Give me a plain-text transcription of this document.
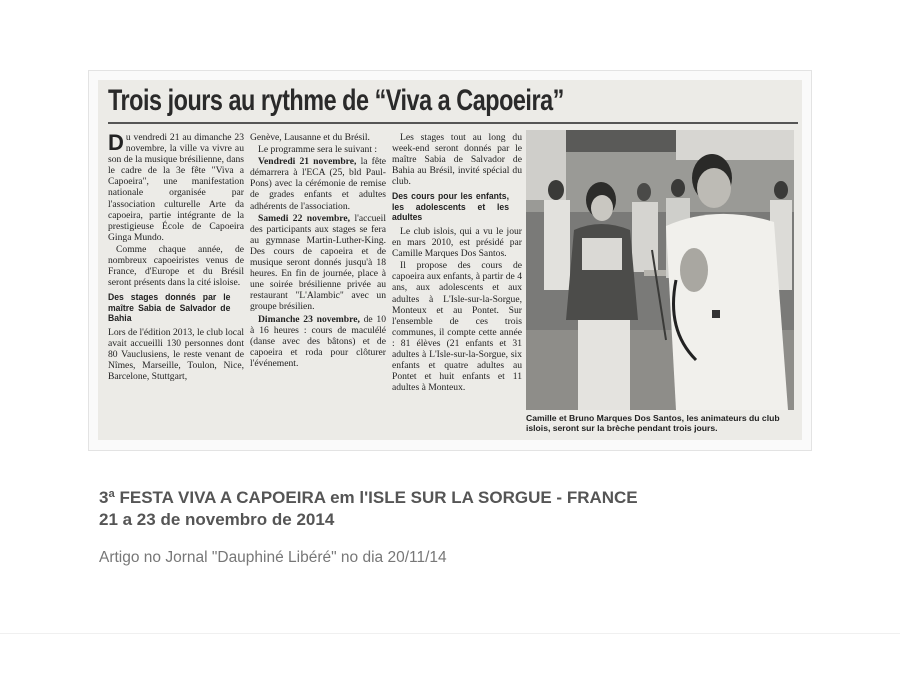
Trois jours au rythme de “Viva a Capoeira”

Du vendredi 21 au dimanche 23 novembre, la ville va vivre au son de la musique brésilienne, dans le cadre de la 3e fête "Viva a Capoeira", une manifestation nationale organisée par l'association culturelle Arte da capoeira, partie intégrante de la prestigieuse École de Capoeira Ginga Mundo.

Comme chaque année, de nombreux capoeiristes venus de France, d'Europe et du Brésil seront présents dans la cité isloise.

Des stages donnés par le maître Sabia de Salvador de Bahia

Lors de l'édition 2013, le club local avait accueilli 130 personnes dont 80 Vauclusiens, le reste venant de Nîmes, Marseille, Toulon, Nice, Barcelone, Stuttgart,

Genève, Lausanne et du Brésil.

Le programme sera le suivant :

Vendredi 21 novembre, la fête démarrera à l'ECA (25, bld Paul-Pons) avec la cérémonie de remise de grades enfants et adultes adhérents de l'association.

Samedi 22 novembre, l'accueil des participants aux stages se fera au gymnase Martin-Luther-King. Des cours de capoeira et de musique seront donnés jusqu'à 18 heures. En fin de journée, place à une soirée brésilienne privée au restaurant "L'Alambic" avec un groupe brésilien.

Dimanche 23 novembre, de 10 à 16 heures : cours de maculélé (danse avec des bâtons) et de capoeira et roda pour clôturer l'événement.

Les stages tout au long du week-end seront donnés par le maître Sabia de Salvador de Bahia au Brésil, invité spécial du club.

Des cours pour les enfants, les adolescents et les adultes

Le club islois, qui a vu le jour en mars 2010, est présidé par Camille Marques Dos Santos.

Il propose des cours de capoeira aux enfants, à partir de 4 ans, aux adolescents et aux adultes à L'Isle-sur-la-Sorgue, Monteux et au Pontet. Sur l'ensemble de ces trois communes, il compte cette année : 81 élèves (21 enfants et 31 adultes à L'Isle-sur-la-Sorgue, six enfants et quatre adultes au Pontet et huit enfants et 11 adultes à Monteux.

Camille et Bruno Marques Dos Santos, les animateurs du club islois, seront sur la brèche pendant trois jours.
3ª FESTA VIVA A CAPOEIRA em l'ISLE SUR LA SORGUE - FRANCE
21 a 23 de novembro de 2014
Artigo no Jornal "Dauphiné Libéré" no dia 20/11/14
